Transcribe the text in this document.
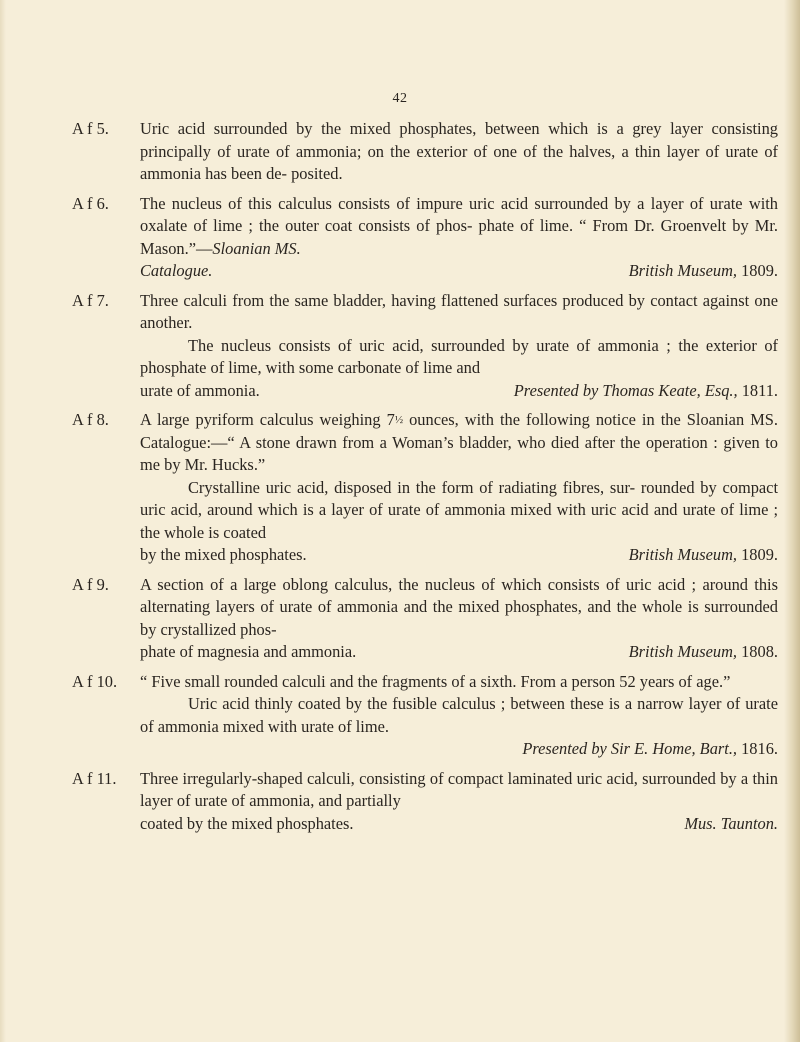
42
A f 5. Uric acid surrounded by the mixed phosphates, between which is a grey layer consisting principally of urate of ammonia; on the exterior of one of the halves, a thin layer of urate of ammonia has been de- posited.

A f 6. The nucleus of this calculus consists of impure uric acid surrounded by a layer of urate with oxalate of lime ; the outer coat consists of phos- phate of lime. “ From Dr. Groenvelt by Mr. Mason.”—Sloanian MS.

Catalogue.	British Museum, 1809.
A f 7. Three calculi from the same bladder, having flattened surfaces produced by contact against one another.

The nucleus consists of uric acid, surrounded by urate of ammonia ; the exterior of phosphate of lime, with some carbonate of lime and

urate of ammonia.	Presented by Thomas Keate, Esq., 1811.
A f 8. A large pyriform calculus weighing 7½ ounces, with the following notice in the Sloanian MS. Catalogue:—“ A stone drawn from a Woman’s bladder, who died after the operation : given to me by Mr. Hucks.”

Crystalline uric acid, disposed in the form of radiating fibres, sur- rounded by compact uric acid, around which is a layer of urate of ammonia mixed with uric acid and urate of lime ; the whole is coated

by the mixed phosphates.	British Museum, 1809.
A f 9. A section of a large oblong calculus, the nucleus of which consists of uric acid ; around this alternating layers of urate of ammonia and the mixed phosphates, and the whole is surrounded by crystallized phos-

phate of magnesia and ammonia.	British Museum, 1808.
A f 10. “ Five small rounded calculi and the fragments of a sixth. From a person 52 years of age.”

Uric acid thinly coated by the fusible calculus ; between these is a narrow layer of urate of ammonia mixed with urate of lime.

Presented by Sir E. Home, Bart., 1816.
A f 11. Three irregularly-shaped calculi, consisting of compact laminated uric acid, surrounded by a thin layer of urate of ammonia, and partially

coated by the mixed phosphates.	Mus. Taunton.
